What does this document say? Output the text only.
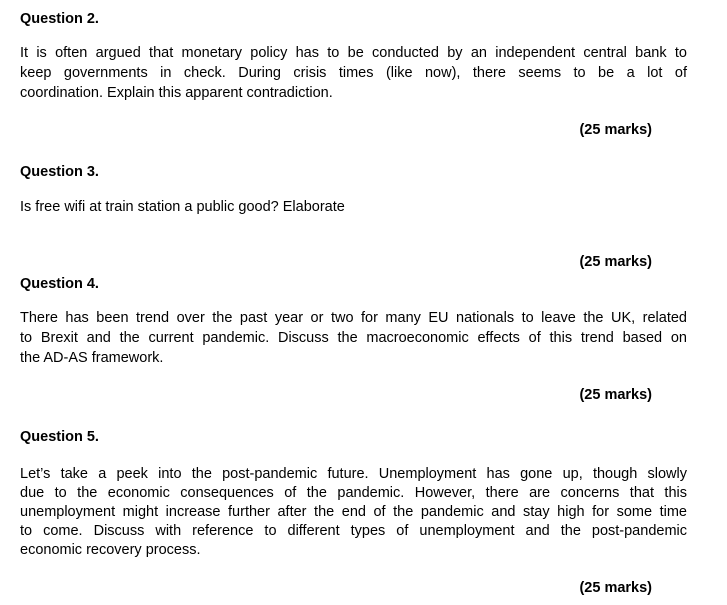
Question 2.
It is often argued that monetary policy has to be conducted by an independent central bank to
keep governments in check. During crisis times (like now), there seems to be a lot of
coordination. Explain this apparent contradiction.
(25 marks)
Question 3.
Is free wifi at train station a public good? Elaborate
(25 marks)
Question 4.
There has been trend over the past year or two for many EU nationals to leave the UK, related
to Brexit and the current pandemic. Discuss the macroeconomic effects of this trend based on
the AD-AS framework.
(25 marks)
Question 5.
Let’s take a peek into the post-pandemic future. Unemployment has gone up, though slowly
due to the economic consequences of the pandemic. However, there are concerns that this
unemployment might increase further after the end of the pandemic and stay high for some time
to come. Discuss with reference to different types of unemployment and the post-pandemic
economic recovery process.
(25 marks)
